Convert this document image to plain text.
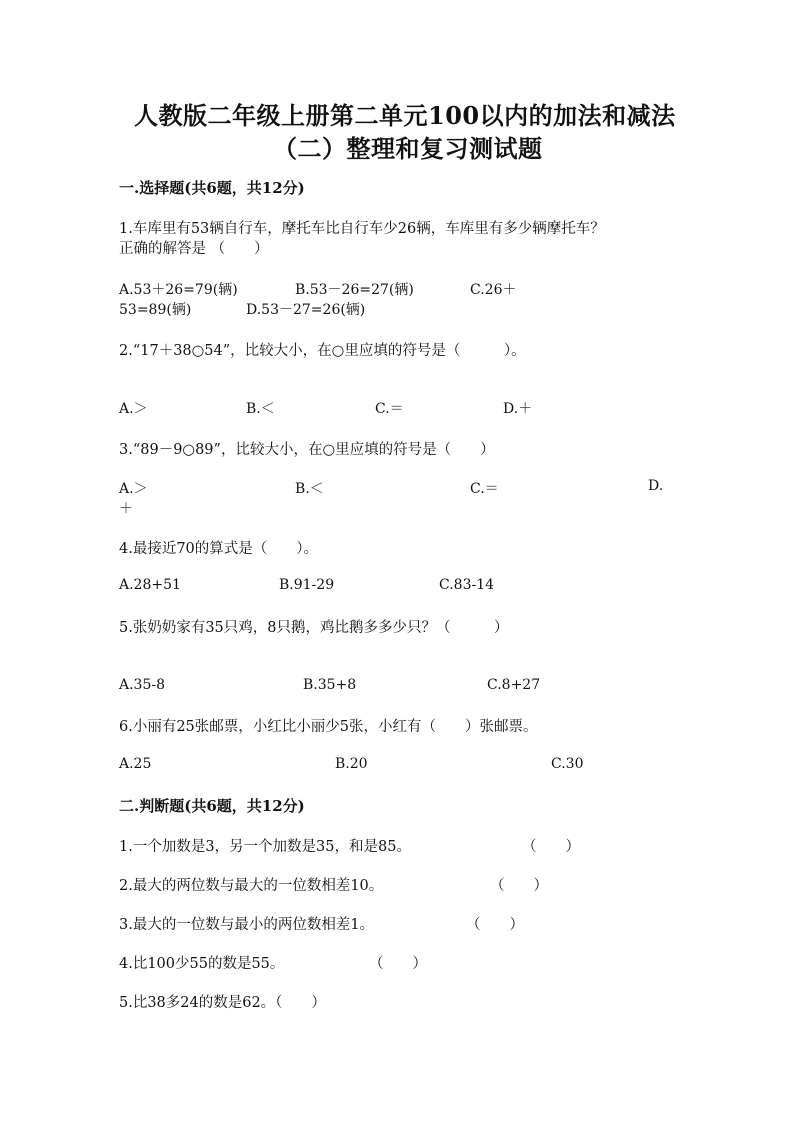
人教版二年级上册第二单元100以内的加法和减法
（二）整理和复习测试题
一.选择题(共6题，共12分)
1.车库里有53辆自行车，摩托车比自行车少26辆，车库里有多少辆摩托车？
正确的解答是 （　　）
A.53＋26=79(辆)	B.53－26=27(辆)	C.26＋
53=89(辆)	D.53－27=26(辆)
2.“17＋38○54”，比较大小，在○里应填的符号是（　　　）。
A.＞	B.＜	C.＝	D.＋
3.“89－9○89”，比较大小，在○里应填的符号是（　　）
A.＞	B.＜	C.＝	D.
＋
4.最接近70的算式是（　　）。
A.28+51	B.91-29	C.83-14
5.张奶奶家有35只鸡，8只鹅，鸡比鹅多多少只？（　　　）
A.35-8	B.35+8	C.8+27
6.小丽有25张邮票，小红比小丽少5张，小红有（　　）张邮票。
A.25	B.20	C.30
二.判断题(共6题，共12分)
1.一个加数是3，另一个加数是35，和是85。	（　　）
2.最大的两位数与最大的一位数相差10。	（　　）
3.最大的一位数与最小的两位数相差1。	（　　）
4.比100少55的数是55。	（　　）
5.比38多24的数是62。（　　）
